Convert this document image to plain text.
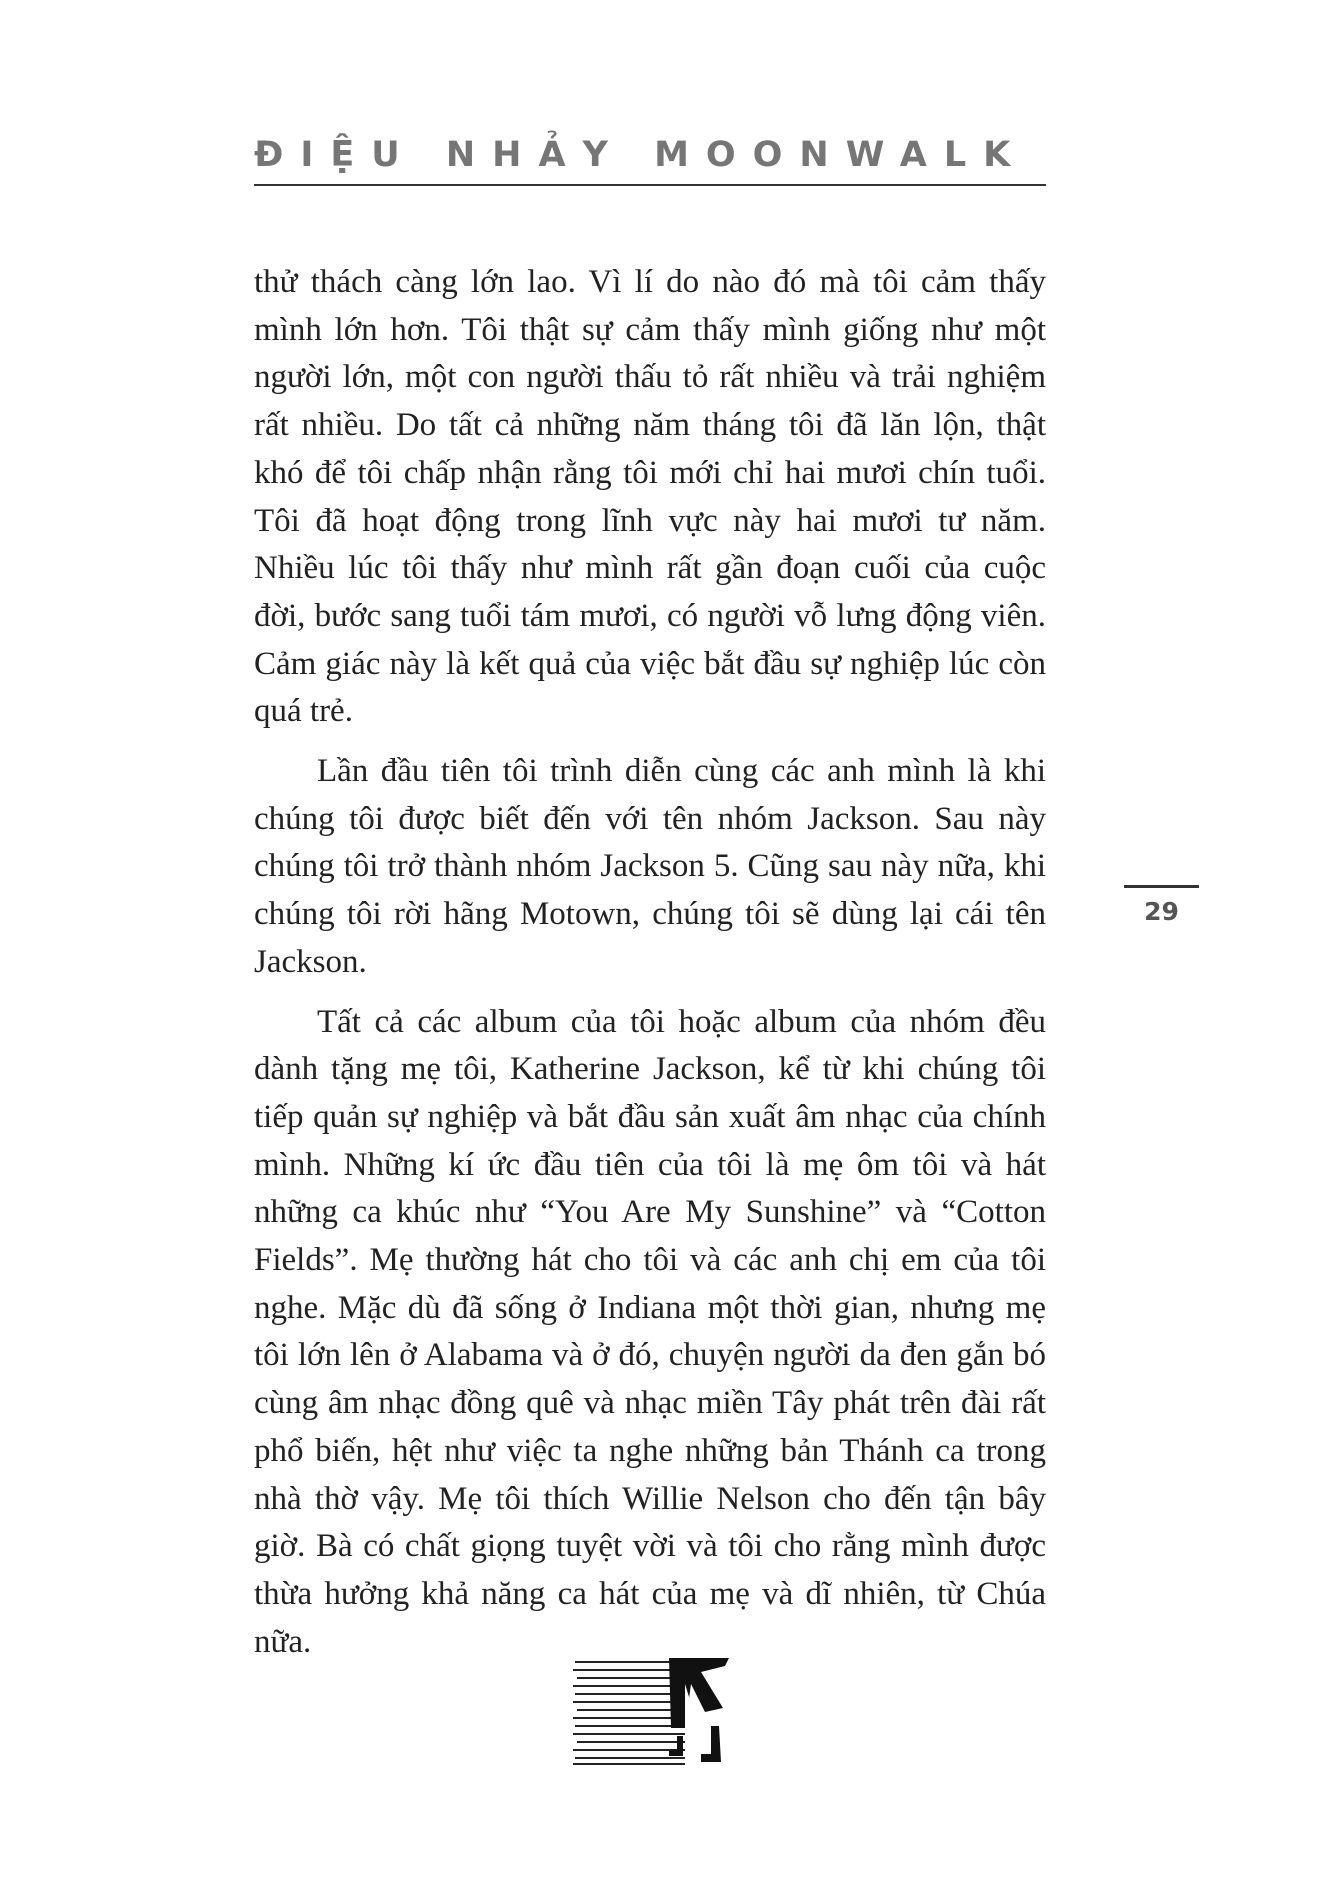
ĐIỆU NHẢY MOONWALK

thử thách càng lớn lao. Vì lí do nào đó mà tôi cảm thấy mình lớn hơn. Tôi thật sự cảm thấy mình giống như một người lớn, một con người thấu tỏ rất nhiều và trải nghiệm rất nhiều. Do tất cả những năm tháng tôi đã lăn lộn, thật khó để tôi chấp nhận rằng tôi mới chỉ hai mươi chín tuổi. Tôi đã hoạt động trong lĩnh vực này hai mươi tư năm. Nhiều lúc tôi thấy như mình rất gần đoạn cuối của cuộc đời, bước sang tuổi tám mươi, có người vỗ lưng động viên. Cảm giác này là kết quả của việc bắt đầu sự nghiệp lúc còn quá trẻ.

Lần đầu tiên tôi trình diễn cùng các anh mình là khi chúng tôi được biết đến với tên nhóm Jackson. Sau này chúng tôi trở thành nhóm Jackson 5. Cũng sau này nữa, khi chúng tôi rời hãng Motown, chúng tôi sẽ dùng lại cái tên Jackson.

Tất cả các album của tôi hoặc album của nhóm đều dành tặng mẹ tôi, Katherine Jackson, kể từ khi chúng tôi tiếp quản sự nghiệp và bắt đầu sản xuất âm nhạc của chính mình. Những kí ức đầu tiên của tôi là mẹ ôm tôi và hát những ca khúc như “You Are My Sunshine” và “Cotton Fields”. Mẹ thường hát cho tôi và các anh chị em của tôi nghe. Mặc dù đã sống ở Indiana một thời gian, nhưng mẹ tôi lớn lên ở Alabama và ở đó, chuyện người da đen gắn bó cùng âm nhạc đồng quê và nhạc miền Tây phát trên đài rất phổ biến, hệt như việc ta nghe những bản Thánh ca trong nhà thờ vậy. Mẹ tôi thích Willie Nelson cho đến tận bây giờ. Bà có chất giọng tuyệt vời và tôi cho rằng mình được thừa hưởng khả năng ca hát của mẹ và dĩ nhiên, từ Chúa nữa.

29
